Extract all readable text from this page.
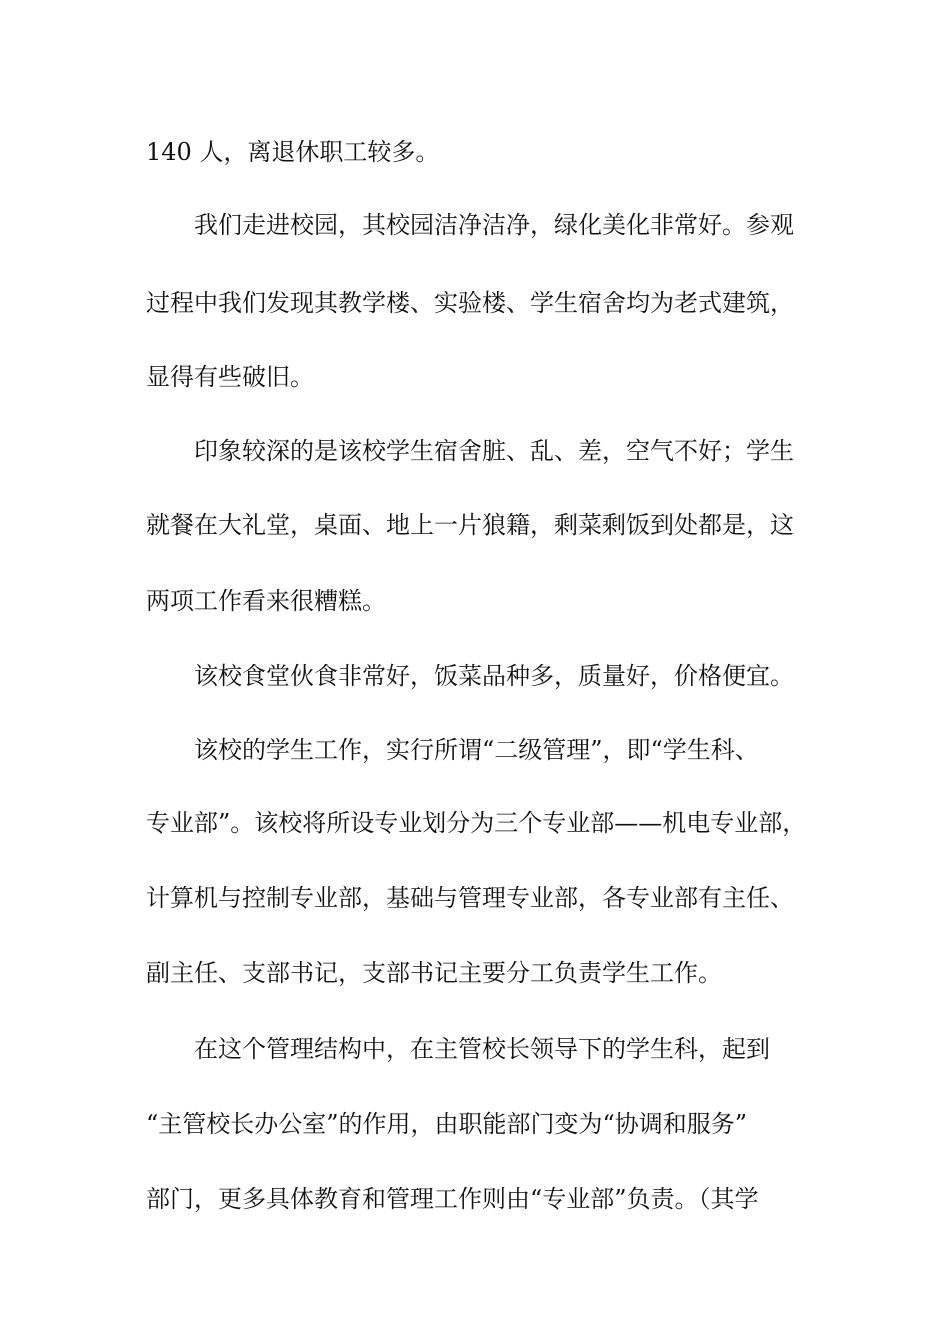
140 人，离退休职工较多。
我们走进校园，其校园洁净洁净，绿化美化非常好。参观
过程中我们发现其教学楼、实验楼、学生宿舍均为老式建筑，
显得有些破旧。
印象较深的是该校学生宿舍脏、乱、差，空气不好；学生
就餐在大礼堂，桌面、地上一片狼籍，剩菜剩饭到处都是，这
两项工作看来很糟糕。
该校食堂伙食非常好，饭菜品种多，质量好，价格便宜。
该校的学生工作，实行所谓“二级管理”，即“学生科、
专业部”。该校将所设专业划分为三个专业部——机电专业部，
计算机与控制专业部，基础与管理专业部，各专业部有主任、
副主任、支部书记，支部书记主要分工负责学生工作。
在这个管理结构中，在主管校长领导下的学生科，起到
“主管校长办公室”的作用，由职能部门变为“协调和服务”
部门，更多具体教育和管理工作则由“专业部”负责。（其学
